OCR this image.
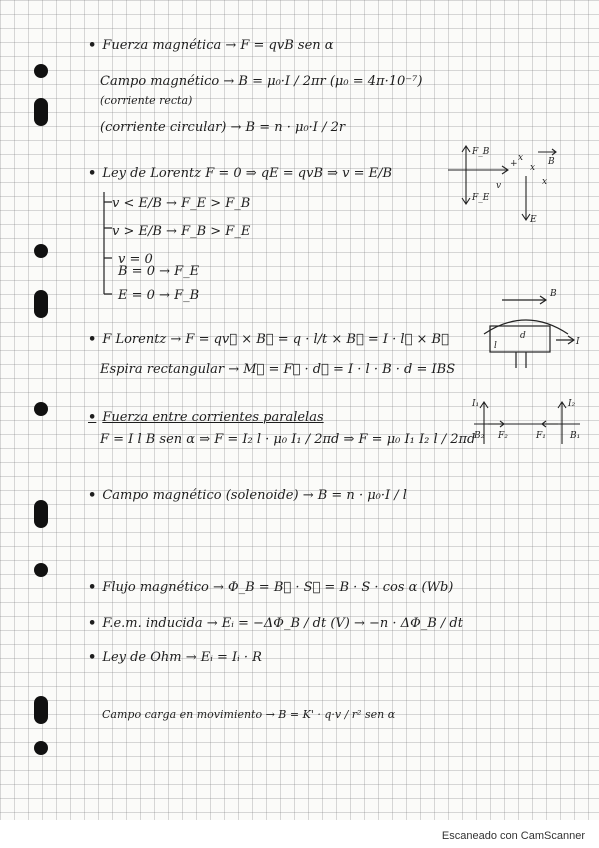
• Fuerza magnética → F = qvB sen α
Campo magnético → B = μ₀·I / 2πr (μ₀ = 4π·10⁻⁷)
(corriente recta)
(corriente circular) → B = n · μ₀·I / 2r
• Ley de Lorentz F = 0 ⇒ qE = qvB ⇒ v = E/B
v < E/B → F_E > F_B
v > E/B → F_B > F_E
v = 0
B = 0 → F_E
E = 0 → F_B
F_B
F_E
+
x
x
x
v
B
E
• F Lorentz → F = qv⃗ × B⃗ = q · l/t × B⃗ = I · l⃗ × B⃗
Espira rectangular → M⃗ = F⃗ · d⃗ = I · l · B · d = IBS
B
l
d
I
• Fuerza entre corrientes paralelas
F = I l B sen α ⇒ F = I₂ l · μ₀ I₁ / 2πd ⇒ F = μ₀ I₁ I₂ l / 2πd
I₁	I₂
B₂ F₂	F₁	B₁
• Campo magnético (solenoide) → B = n · μ₀·I / l
• Flujo magnético → Φ_B = B⃗ · S⃗ = B · S · cos α (Wb)
• F.e.m. inducida → Eᵢ = −ΔΦ_B / dt (V) → −n · ΔΦ_B / dt
• Ley de Ohm → Eᵢ = Iᵢ · R
Campo carga en movimiento → B = K' · q·v / r² sen α
Escaneado con CamScanner
